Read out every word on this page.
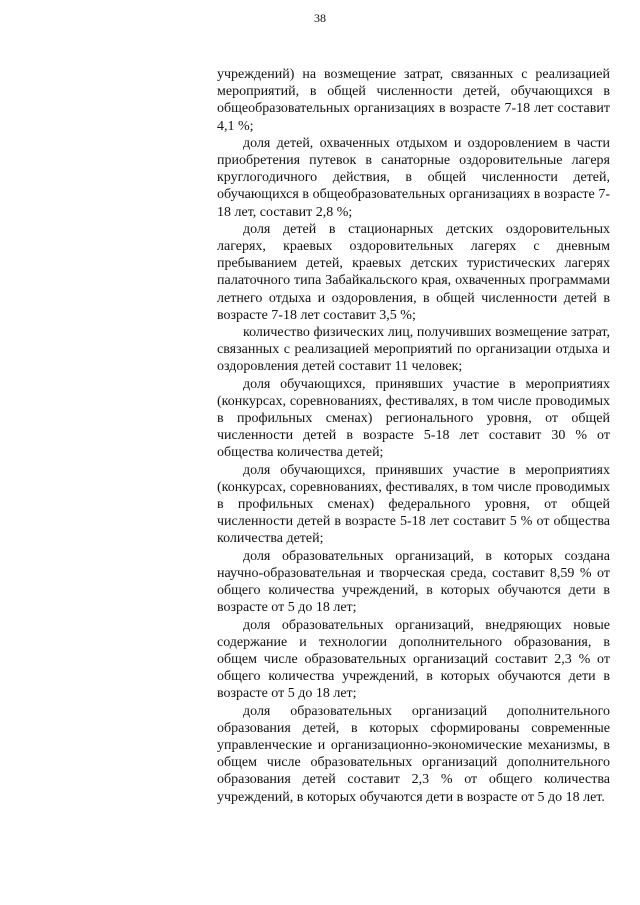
38

учреждений) на возмещение затрат, связанных с реализацией мероприятий, в общей численности детей, обучающихся в общеобразовательных организациях в возрасте 7-18 лет составит 4,1 %;

доля детей, охваченных отдыхом и оздоровлением в части приобретения путевок в санаторные оздоровительные лагеря круглогодичного действия, в общей численности детей, обучающихся в общеобразовательных организациях в возрасте 7-18 лет, составит 2,8 %;

доля детей в стационарных детских оздоровительных лагерях, краевых оздоровительных лагерях с дневным пребыванием детей, краевых детских туристических лагерях палаточного типа Забайкальского края, охваченных программами летнего отдыха и оздоровления, в общей численности детей в возрасте 7-18 лет составит 3,5 %;

количество физических лиц, получивших возмещение затрат, связанных с реализацией мероприятий по организации отдыха и оздоровления детей составит 11 человек;

доля обучающихся, принявших участие в мероприятиях (конкурсах, соревнованиях, фестивалях, в том числе проводимых в профильных сменах) регионального уровня, от общей численности детей в возрасте 5-18 лет составит 30 % от общества количества детей;

доля обучающихся, принявших участие в мероприятиях (конкурсах, соревнованиях, фестивалях, в том числе проводимых в профильных сменах) федерального уровня, от общей численности детей в возрасте 5-18 лет составит 5 % от общества количества детей;

доля образовательных организаций, в которых создана научно-образовательная и творческая среда, составит 8,59 % от общего количества учреждений, в которых обучаются дети в возрасте от 5 до 18 лет;

доля образовательных организаций, внедряющих новые содержание и технологии дополнительного образования, в общем числе образовательных организаций составит 2,3 % от общего количества учреждений, в которых обучаются дети в возрасте от 5 до 18 лет;

доля образовательных организаций дополнительного образования детей, в которых сформированы современные управленческие и организационно-экономические механизмы, в общем числе образовательных организаций дополнительного образования детей составит 2,3 % от общего количества учреждений, в которых обучаются дети в возрасте от 5 до 18 лет.
